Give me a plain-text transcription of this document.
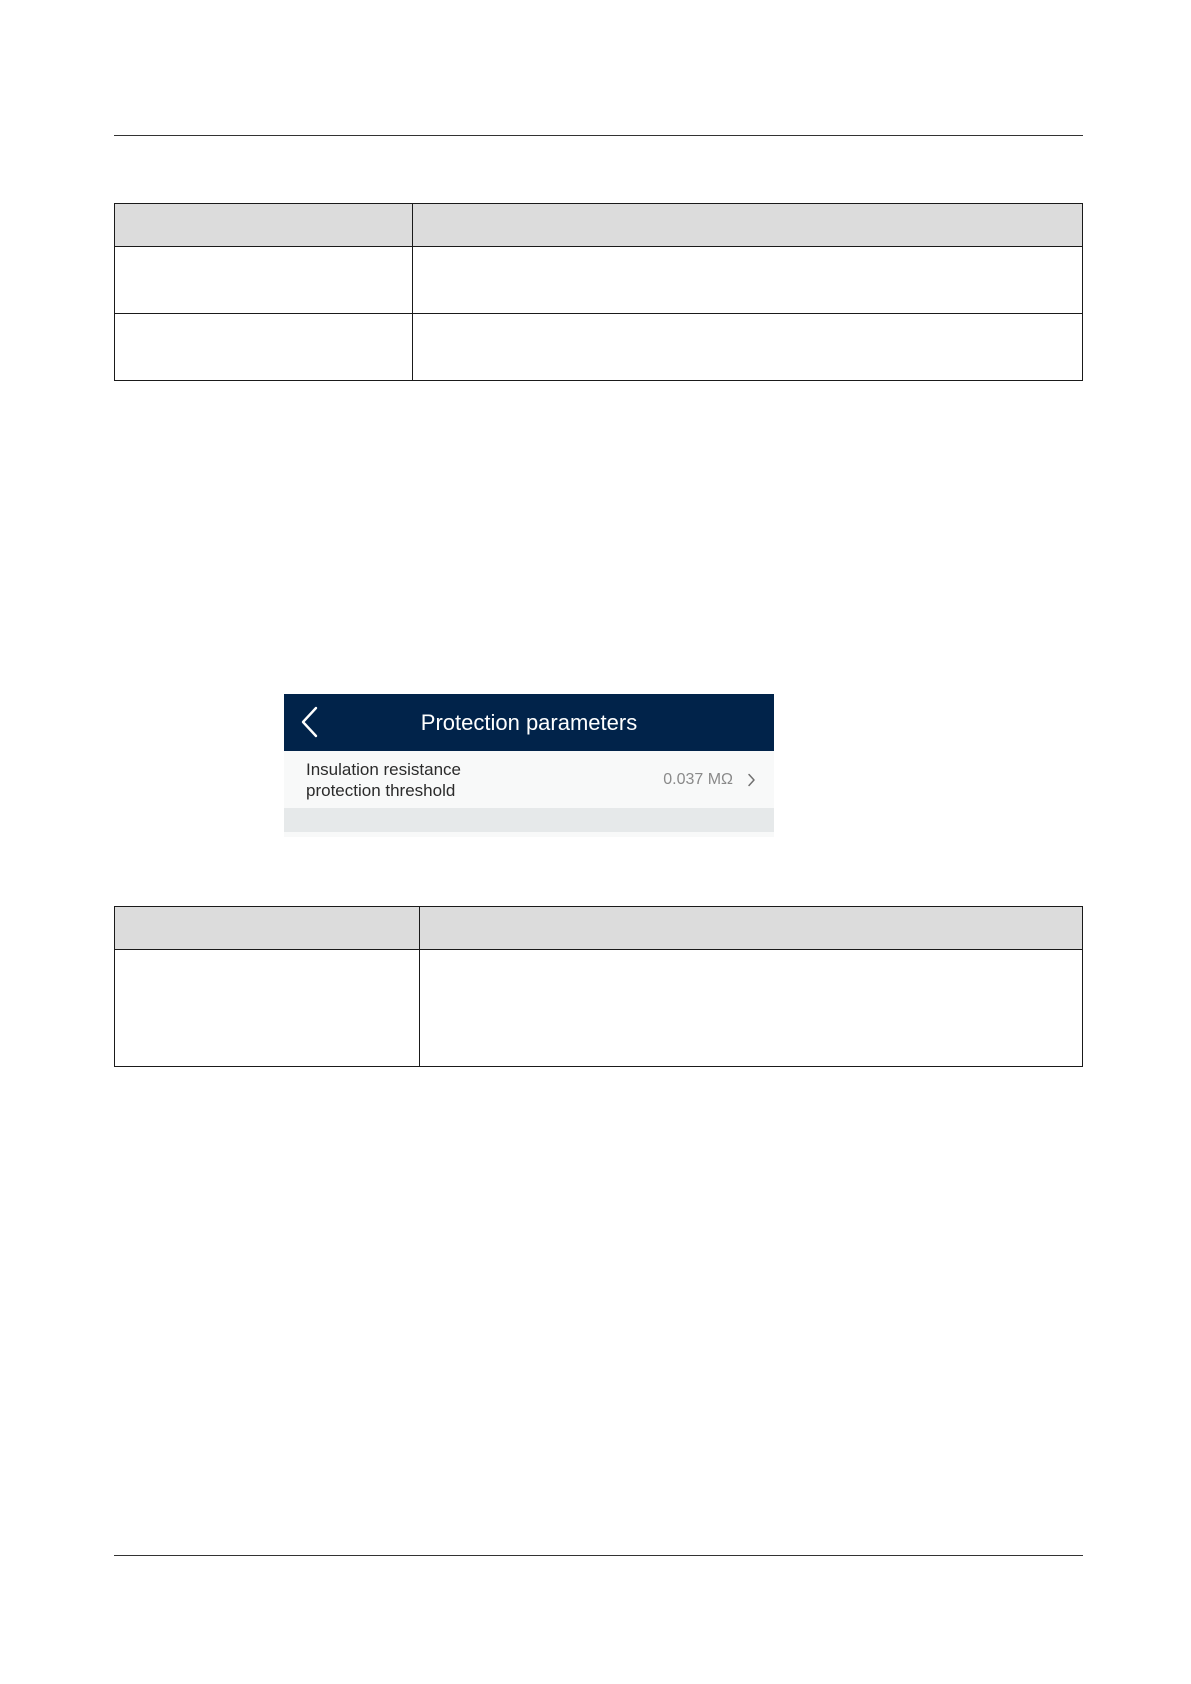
Protection parameters
Insulation resistance
protection threshold
0.037 MΩ
